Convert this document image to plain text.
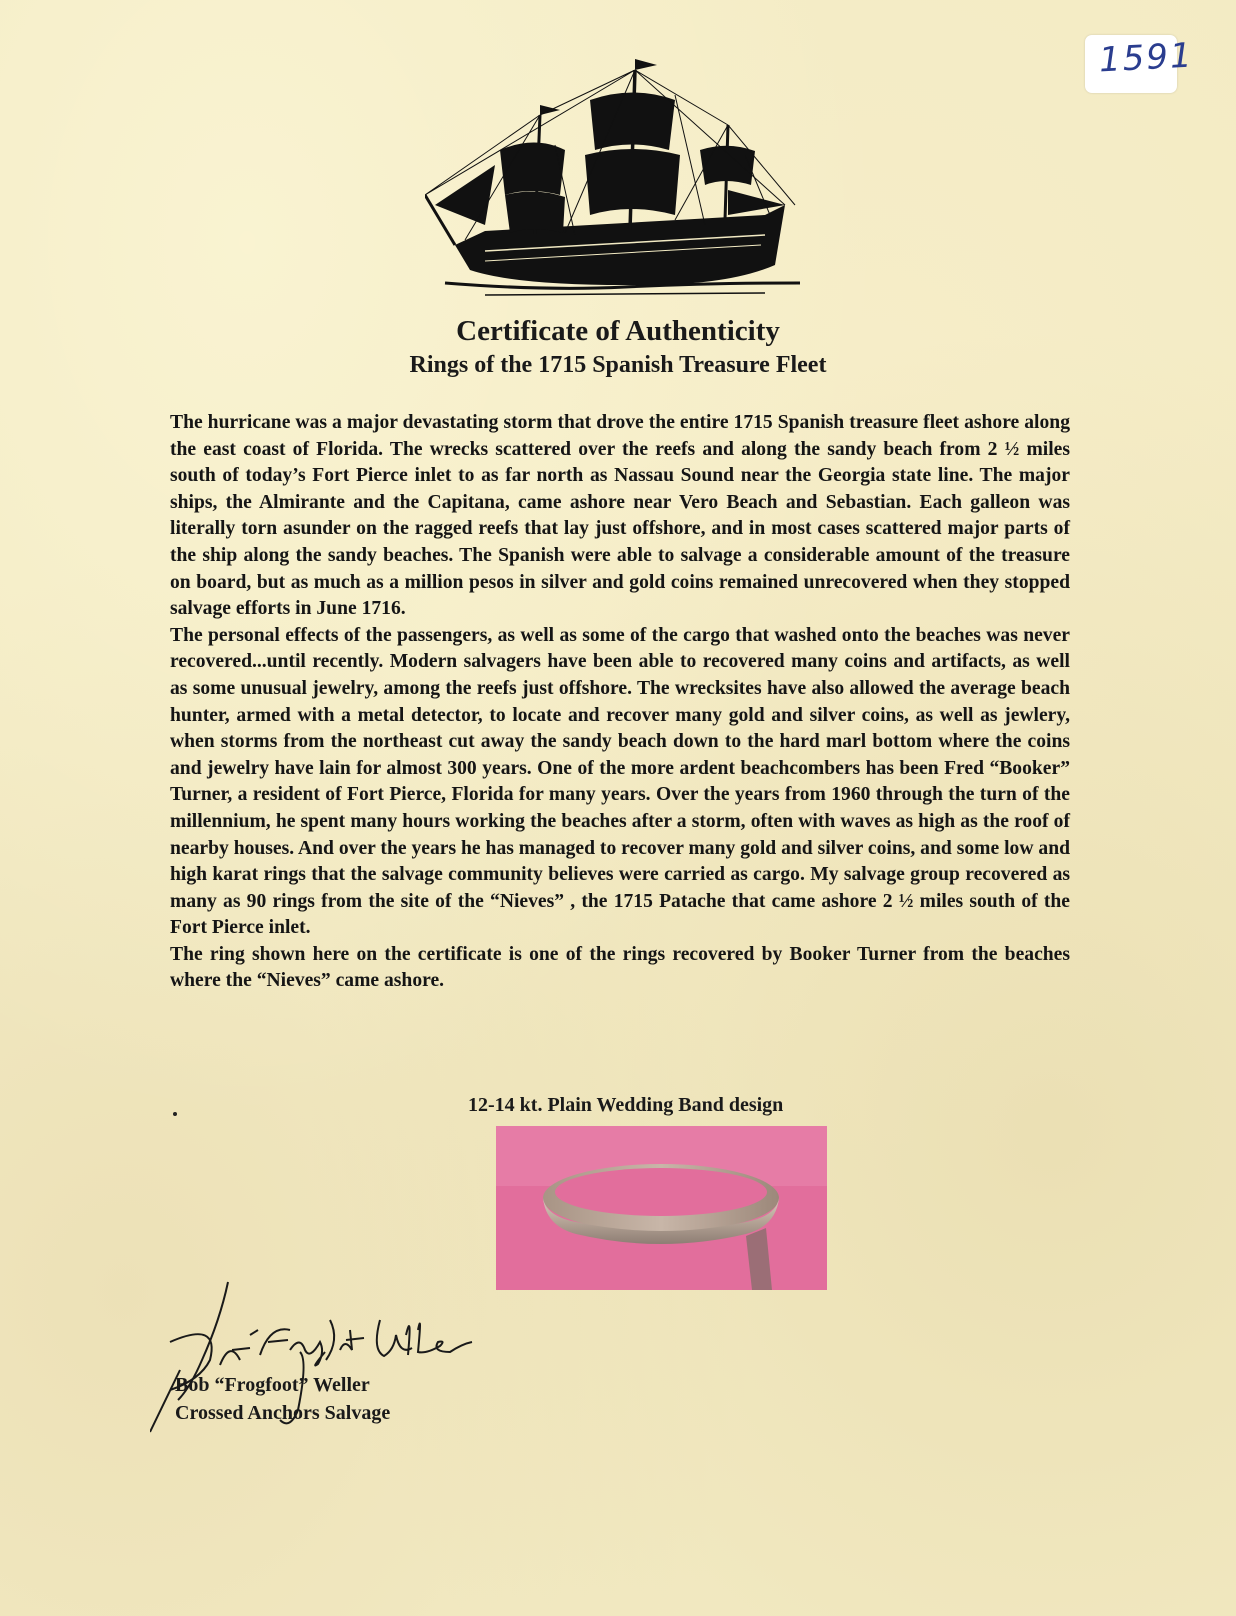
1591
Certificate of Authenticity
Rings of the 1715 Spanish Treasure Fleet

The hurricane was a major devastating storm that drove the entire 1715 Spanish treasure fleet ashore along the east coast of Florida. The wrecks scattered over the reefs and along the sandy beach from 2 ½ miles south of today’s Fort Pierce inlet to as far north as Nassau Sound near the Georgia state line. The major ships, the Almirante and the Capitana, came ashore near Vero Beach and Sebastian. Each galleon was literally torn asunder on the ragged reefs that lay just offshore, and in most cases scattered major parts of the ship along the sandy beaches. The Spanish were able to salvage a considerable amount of the treasure on board, but as much as a million pesos in silver and gold coins remained unrecovered when they stopped salvage efforts in June 1716.

The personal effects of the passengers, as well as some of the cargo that washed onto the beaches was never recovered...until recently. Modern salvagers have been able to recovered many coins and artifacts, as well as some unusual jewelry, among the reefs just offshore. The wrecksites have also allowed the average beach hunter, armed with a metal detector, to locate and recover many gold and silver coins, as well as jewlery, when storms from the northeast cut away the sandy beach down to the hard marl bottom where the coins and jewelry have lain for almost 300 years. One of the more ardent beachcombers has been Fred “Booker” Turner, a resident of Fort Pierce, Florida for many years. Over the years from 1960 through the turn of the millennium, he spent many hours working the beaches after a storm, often with waves as high as the roof of nearby houses. And over the years he has managed to recover many gold and silver coins, and some low and high karat rings that the salvage community believes were carried as cargo. My salvage group recovered as many as 90 rings from the site of the “Nieves” , the 1715 Patache that came ashore 2 ½ miles south of the Fort Pierce inlet.

The ring shown here on the certificate is one of the rings recovered by Booker Turner from the beaches where the “Nieves” came ashore.

12-14 kt. Plain Wedding Band design
Bob “Frogfoot” Weller
Crossed Anchors Salvage
